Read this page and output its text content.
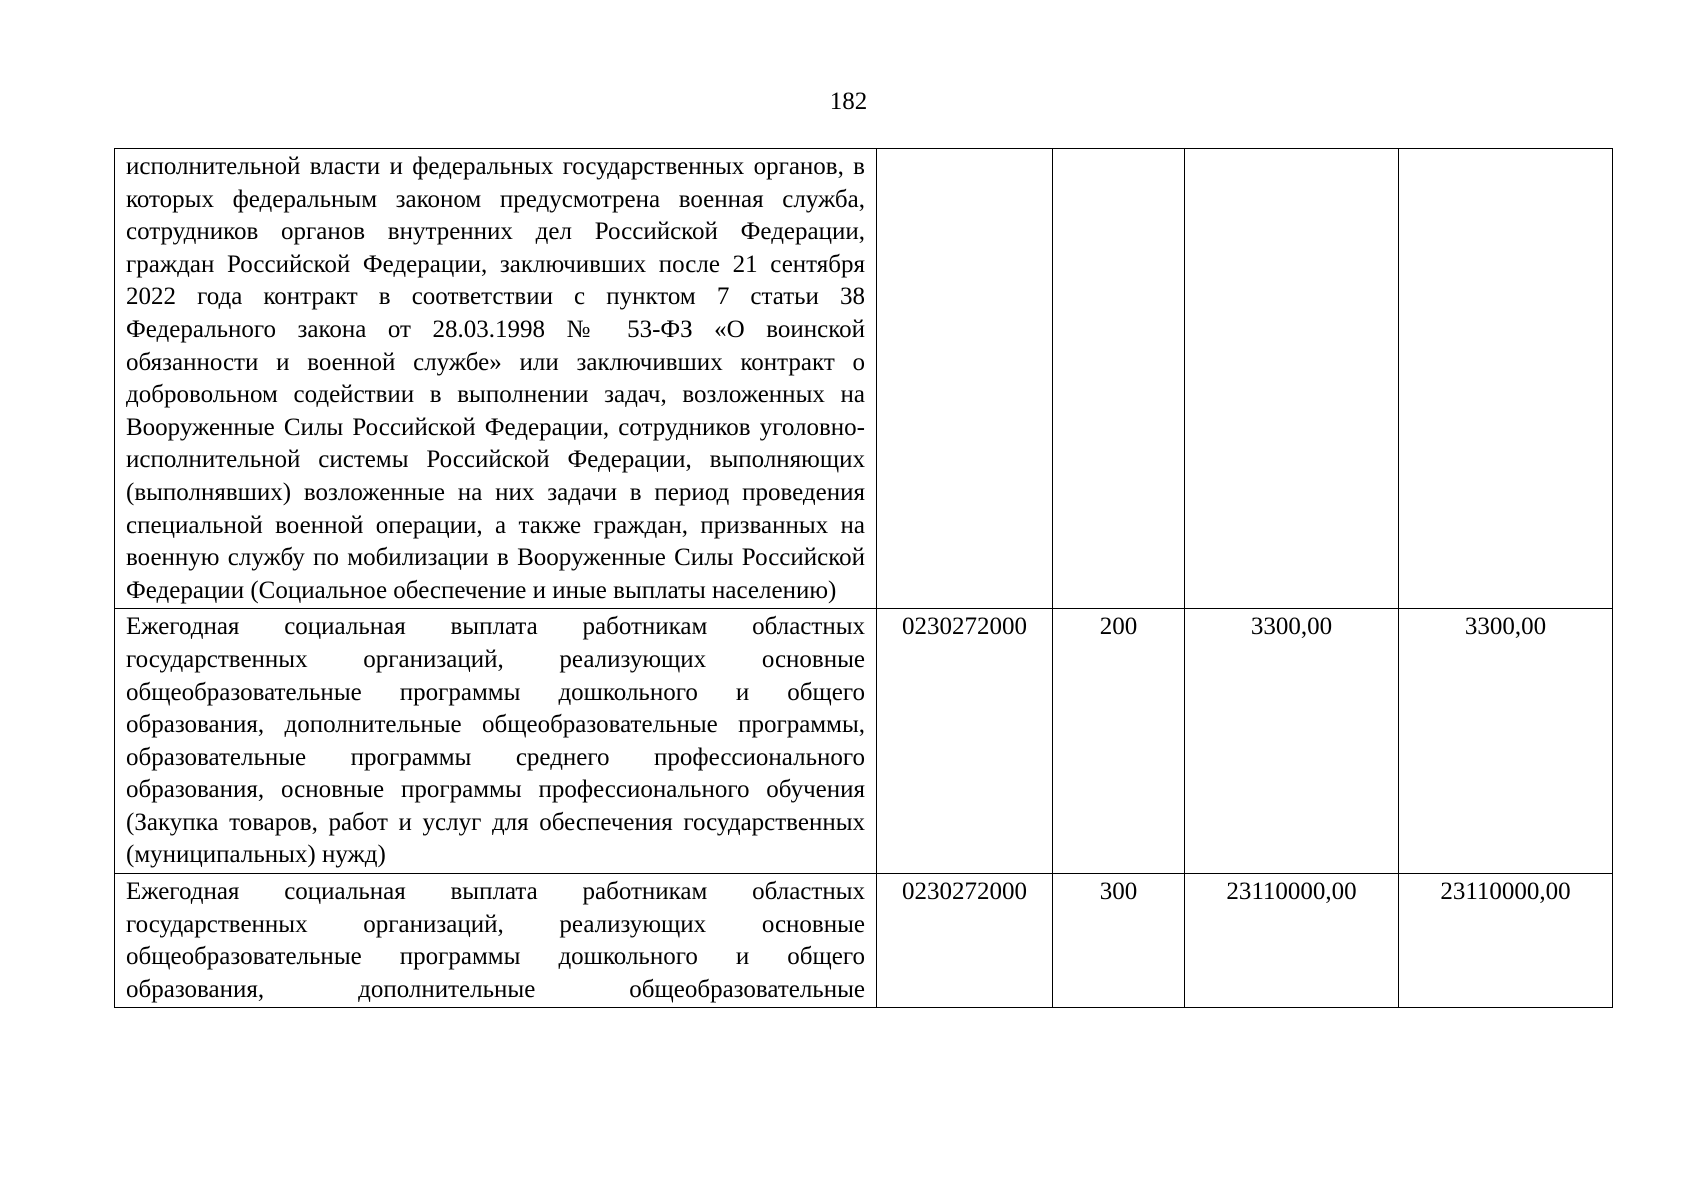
182
исполнительной власти и федеральных государственных органов, в которых федеральным законом предусмотрена военная служба, сотрудников органов внутренних дел Российской Федерации, граждан Российской Федерации, заключивших после 21 сентября 2022 года контракт в соответствии с пунктом 7 статьи 38 Федерального закона от 28.03.1998 № 53-ФЗ «О воинской обязанности и военной службе» или заключивших контракт о добровольном содействии в выполнении задач, возложенных на Вооруженные Силы Российской Федерации, сотрудников уголовно-исполнительной системы Российской Федерации, выполняющих (выполнявших) возложенные на них задачи в период проведения специальной военной операции, а также граждан, призванных на военную службу по мобилизации в Вооруженные Силы Российской Федерации (Социальное обеспечение и иные выплаты населению)				
Ежегодная социальная выплата работникам областных государственных организаций, реализующих основные общеобразовательные программы дошкольного и общего образования, дополнительные общеобразовательные программы, образовательные программы среднего профессионального образования, основные программы профессионального обучения (Закупка товаров, работ и услуг для обеспечения государственных (муниципальных) нужд)	0230272000	200	3300,00	3300,00
Ежегодная социальная выплата работникам областных государственных организаций, реализующих основные общеобразовательные программы дошкольного и общего образования, дополнительные общеобразовательные	0230272000	300	23110000,00	23110000,00
